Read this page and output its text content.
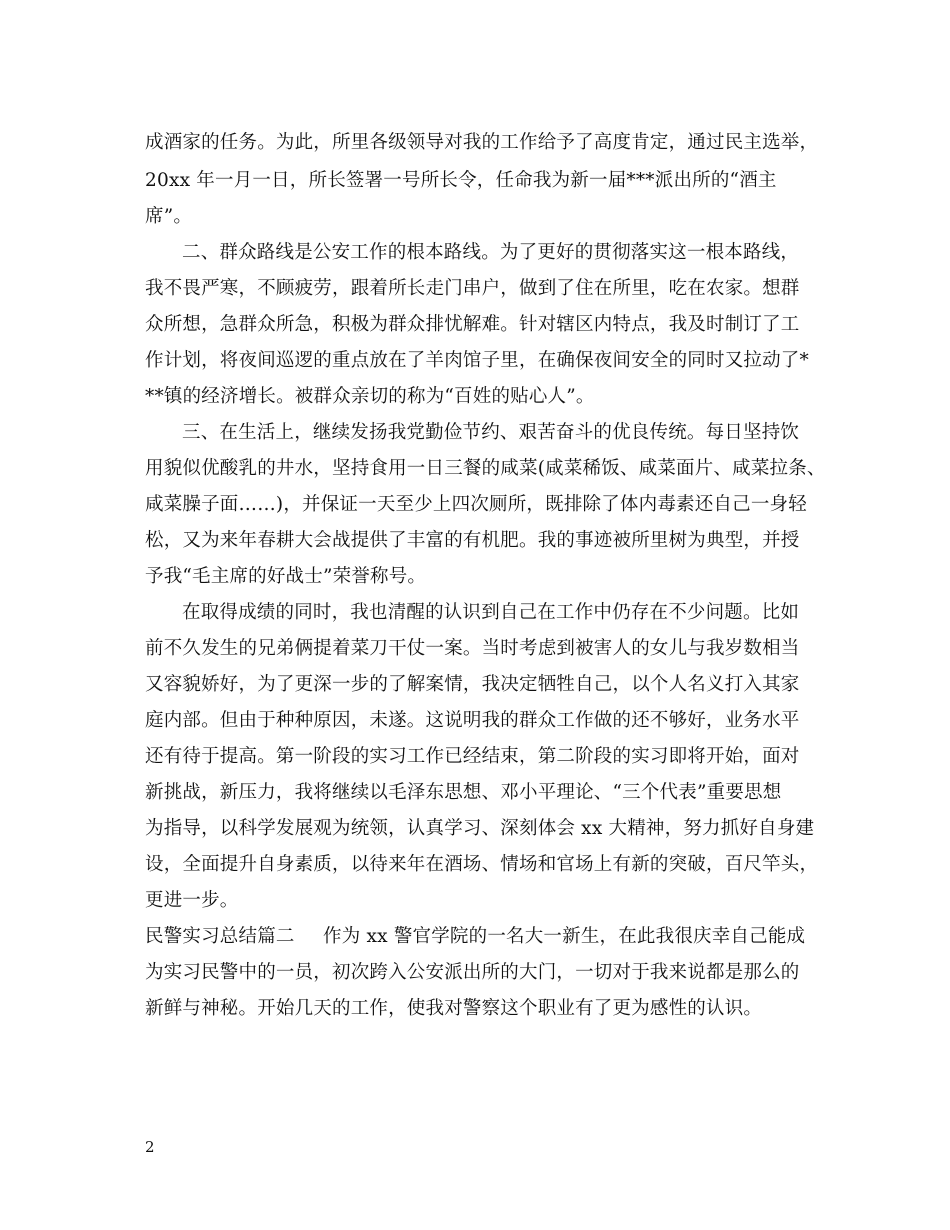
成酒家的任务。为此，所里各级领导对我的工作给予了高度肯定，通过民主选举，

20xx 年一月一日，所长签署一号所长令，任命我为新一届***派出所的“酒主

席”。

二、群众路线是公安工作的根本路线。为了更好的贯彻落实这一根本路线，

我不畏严寒，不顾疲劳，跟着所长走门串户，做到了住在所里，吃在农家。想群

众所想，急群众所急，积极为群众排忧解难。针对辖区内特点，我及时制订了工

作计划，将夜间巡逻的重点放在了羊肉馆子里，在确保夜间安全的同时又拉动了*

**镇的经济增长。被群众亲切的称为“百姓的贴心人”。

三、在生活上，继续发扬我党勤俭节约、艰苦奋斗的优良传统。每日坚持饮

用貌似优酸乳的井水，坚持食用一日三餐的咸菜(咸菜稀饭、咸菜面片、咸菜拉条、

咸菜臊子面……)，并保证一天至少上四次厕所，既排除了体内毒素还自己一身轻

松，又为来年春耕大会战提供了丰富的有机肥。我的事迹被所里树为典型，并授

予我“毛主席的好战士”荣誉称号。

在取得成绩的同时，我也清醒的认识到自己在工作中仍存在不少问题。比如

前不久发生的兄弟俩提着菜刀干仗一案。当时考虑到被害人的女儿与我岁数相当

又容貌娇好，为了更深一步的了解案情，我决定牺牲自己，以个人名义打入其家

庭内部。但由于种种原因，未遂。这说明我的群众工作做的还不够好，业务水平

还有待于提高。第一阶段的实习工作已经结束，第二阶段的实习即将开始，面对

新挑战，新压力，我将继续以毛泽东思想、邓小平理论、“三个代表”重要思想

为指导，以科学发展观为统领，认真学习、深刻体会 xx 大精神，努力抓好自身建

设，全面提升自身素质，以待来年在酒场、情场和官场上有新的突破，百尺竿头，

更进一步。

民警实习总结篇二 作为 xx 警官学院的一名大一新生，在此我很庆幸自己能成

为实习民警中的一员，初次跨入公安派出所的大门，一切对于我来说都是那么的

新鲜与神秘。开始几天的工作，使我对警察这个职业有了更为感性的认识。

2
